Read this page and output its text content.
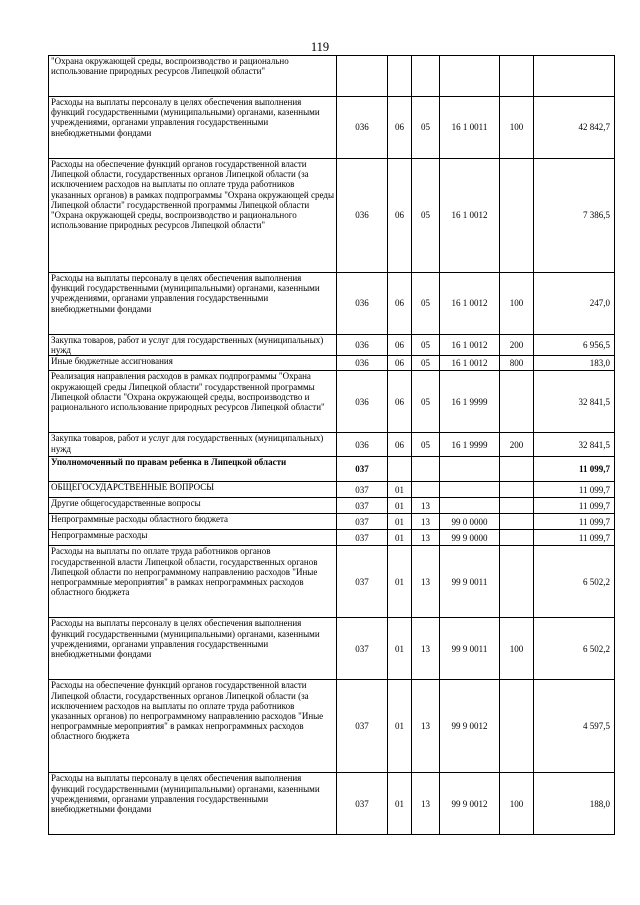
119
"Охрана окружающей среды, воспроизводство и рационально использование природных ресурсов Липецкой области"						
Расходы на выплаты персоналу в целях обеспечения выполнения функций государственными (муниципальными) органами, казенными учреждениями, органами управления государственными внебюджетными фондами	036	06	05	16 1 0011	100	42 842,7
Расходы на обеспечение функций органов государственной власти Липецкой области, государственных органов Липецкой области (за исключением расходов на выплаты по оплате труда работников указанных органов) в рамках подпрограммы "Охрана окружающей среды Липецкой области" государственной программы Липецкой области "Охрана окружающей среды, воспроизводство и рационального использование природных ресурсов Липецкой области"	036	06	05	16 1 0012		7 386,5
Расходы на выплаты персоналу в целях обеспечения выполнения функций государственными (муниципальными) органами, казенными учреждениями, органами управления государственными внебюджетными фондами	036	06	05	16 1 0012	100	247,0
Закупка товаров, работ и услуг для государственных (муниципальных) нужд	036	06	05	16 1 0012	200	6 956,5
Иные бюджетные ассигнования	036	06	05	16 1 0012	800	183,0
Реализация направления расходов в рамках подпрограммы "Охрана окружающей среды Липецкой области" государственной программы Липецкой области "Охрана окружающей среды, воспроизводство и рационального использование природных ресурсов Липецкой области"	036	06	05	16 1 9999		32 841,5
Закупка товаров, работ и услуг для государственных (муниципальных) нужд	036	06	05	16 1 9999	200	32 841,5
Уполномоченный по правам ребенка в Липецкой области	037					11 099,7
ОБЩЕГОСУДАРСТВЕННЫЕ ВОПРОСЫ	037	01				11 099,7
Другие общегосударственные вопросы	037	01	13			11 099,7
Непрограммные расходы областного бюджета	037	01	13	99 0 0000		11 099,7
Непрограммные расходы	037	01	13	99 9 0000		11 099,7
Расходы на выплаты по оплате труда работников органов государственной власти Липецкой области, государственных органов Липецкой области по непрограммному направлению расходов "Иные непрограммные мероприятия" в рамках непрограммных расходов областного бюджета	037	01	13	99 9 0011		6 502,2
Расходы на выплаты персоналу в целях обеспечения выполнения функций государственными (муниципальными) органами, казенными учреждениями, органами управления государственными внебюджетными фондами	037	01	13	99 9 0011	100	6 502,2
Расходы на обеспечение функций органов государственной власти Липецкой области, государственных органов Липецкой области (за исключением расходов на выплаты по оплате труда работников указанных органов) по непрограммному направлению расходов "Иные непрограммные мероприятия" в рамках непрограммных расходов областного бюджета	037	01	13	99 9 0012		4 597,5
Расходы на выплаты персоналу в целях обеспечения выполнения функций государственными (муниципальными) органами, казенными учреждениями, органами управления государственными внебюджетными фондами	037	01	13	99 9 0012	100	188,0
